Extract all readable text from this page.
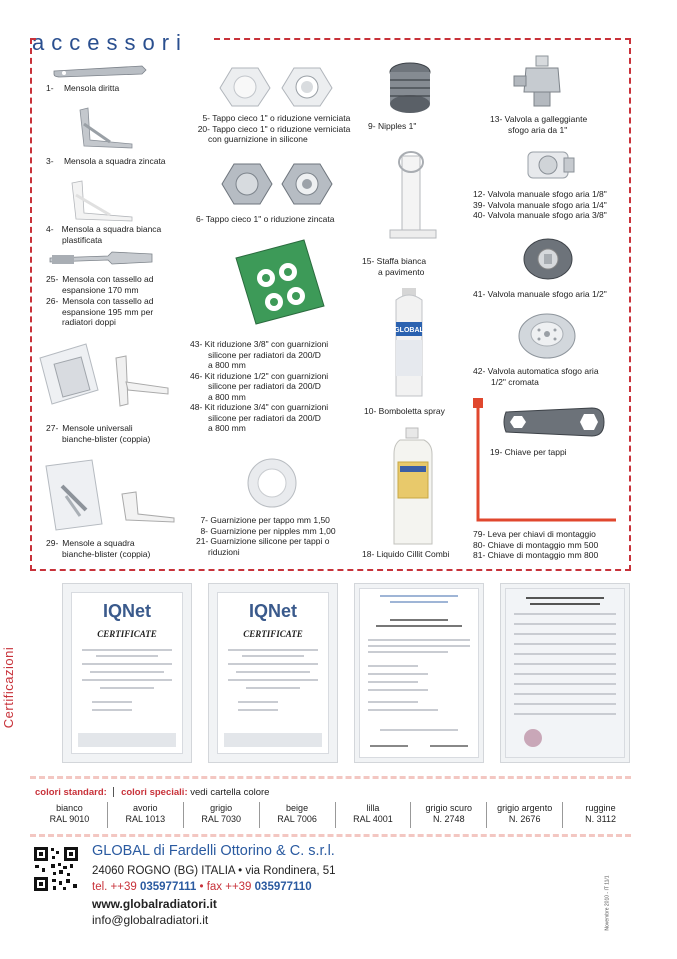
accessori
1- Mensola diritta
3- Mensola a squadra zincata
4- Mensola a squadra bianca
plastificata
25- Mensola con tassello ad
espansione 170 mm
26- Mensola con tassello ad
espansione 195 mm per
radiatori doppi
27- Mensole universali
bianche-blister (coppia)
29- Mensole a squadra
bianche-blister (coppia)
5- Tappo cieco 1" o riduzione verniciata
20- Tappo cieco 1" o riduzione verniciata
con guarnizione in silicone
6- Tappo cieco 1" o riduzione zincata
43- Kit riduzione 3/8" con guarnizioni
silicone per radiatori da 200/D
a 800 mm
46- Kit riduzione 1/2" con guarnizioni
silicone per radiatori da 200/D
a 800 mm
48- Kit riduzione 3/4" con guarnizioni
silicone per radiatori da 200/D
a 800 mm
7- Guarnizione per tappo mm 1,50
8- Guarnizione per nipples mm 1,00
21- Guarnizione silicone per tappi o
riduzioni
GLOBAL
9- Nipples 1"
15- Staffa bianca
a pavimento
10- Bomboletta spray
18- Liquido Cillit Combi
13- Valvola a galleggiante
sfogo aria da 1"
12- Valvola manuale sfogo aria 1/8"
39- Valvola manuale sfogo aria 1/4"
40- Valvola manuale sfogo aria 3/8"
41- Valvola manuale sfogo aria 1/2"
42- Valvola automatica sfogo aria
1/2" cromata
19- Chiave per tappi
79- Leva per chiavi di montaggio
80- Chiave di montaggio mm 500
81- Chiave di montaggio mm 800
Certificazioni
IQNet
CERTIFICATE
IQNet
CERTIFICATE
colori standard: colori speciali: vedi cartella colore
bianco
RAL 9010
avorio
RAL 1013
grigio
RAL 7030
beige
RAL 7006
lilla
RAL 4001
grigio scuro
N. 2748
grigio argento
N. 2676
ruggine
N. 3112
GLOBAL di Fardelli Ottorino & C. s.r.l.
24060 ROGNO (BG) ITALIA • via Rondinera, 51
tel. ++39 035977111 • fax ++39 035977110
www.globalradiatori.it
info@globalradiatori.it	Novembre 2010 - IT 11/1
